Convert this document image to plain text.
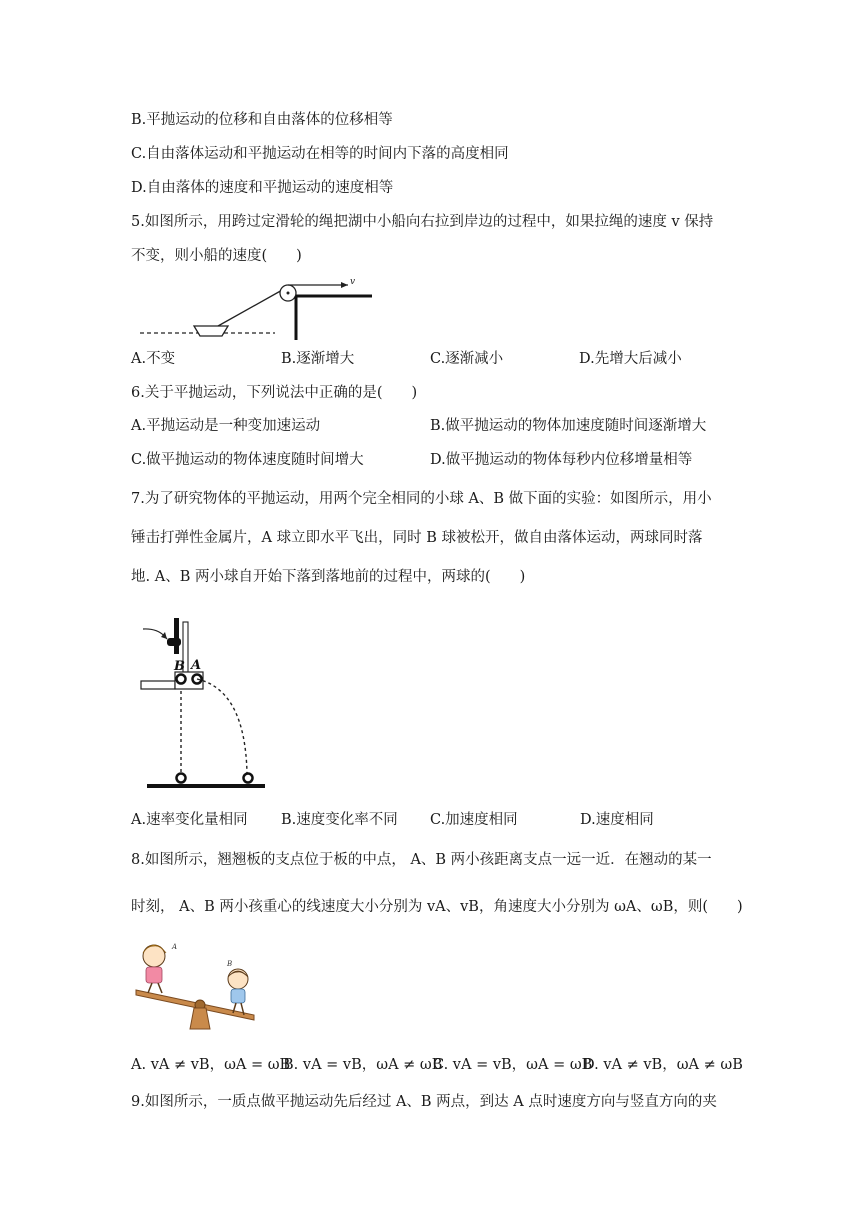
B.平抛运动的位移和自由落体的位移相等
C.自由落体运动和平抛运动在相等的时间内下落的高度相同
D.自由落体的速度和平抛运动的速度相等
5.如图所示，用跨过定滑轮的绳把湖中小船向右拉到岸边的过程中，如果拉绳的速度 v 保持
不变，则小船的速度(　　)
v
A.不变	B.逐渐增大	C.逐渐减小	D.先增大后减小
6.关于平抛运动，下列说法中正确的是(　　)
A.平抛运动是一种变加速运动	B.做平抛运动的物体加速度随时间逐渐增大
C.做平抛运动的物体速度随时间增大	D.做平抛运动的物体每秒内位移增量相等
7.为了研究物体的平抛运动，用两个完全相同的小球 A、B 做下面的实验：如图所示，用小
锤击打弹性金属片，A 球立即水平飞出，同时 B 球被松开，做自由落体运动，两球同时落
地. A、B 两小球自开始下落到落地前的过程中，两球的(　　)
B A
A.速率变化量相同 B.速度变化率不同 C.加速度相同	D.速度相同
8.如图所示，翘翘板的支点位于板的中点， A、B 两小孩距离支点一远一近．在翘动的某一
时刻， A、B 两小孩重心的线速度大小分别为 vA、vB，角速度大小分别为 ωA、ωB，则(　　)
A
B
A. vA ≠ vB，ωA = ωB
B. vA = vB，ωA ≠ ωB
C. vA = vB，ωA = ωB
D. vA ≠ vB，ωA ≠ ωB
9.如图所示，一质点做平抛运动先后经过 A、B 两点，到达 A 点时速度方向与竖直方向的夹
